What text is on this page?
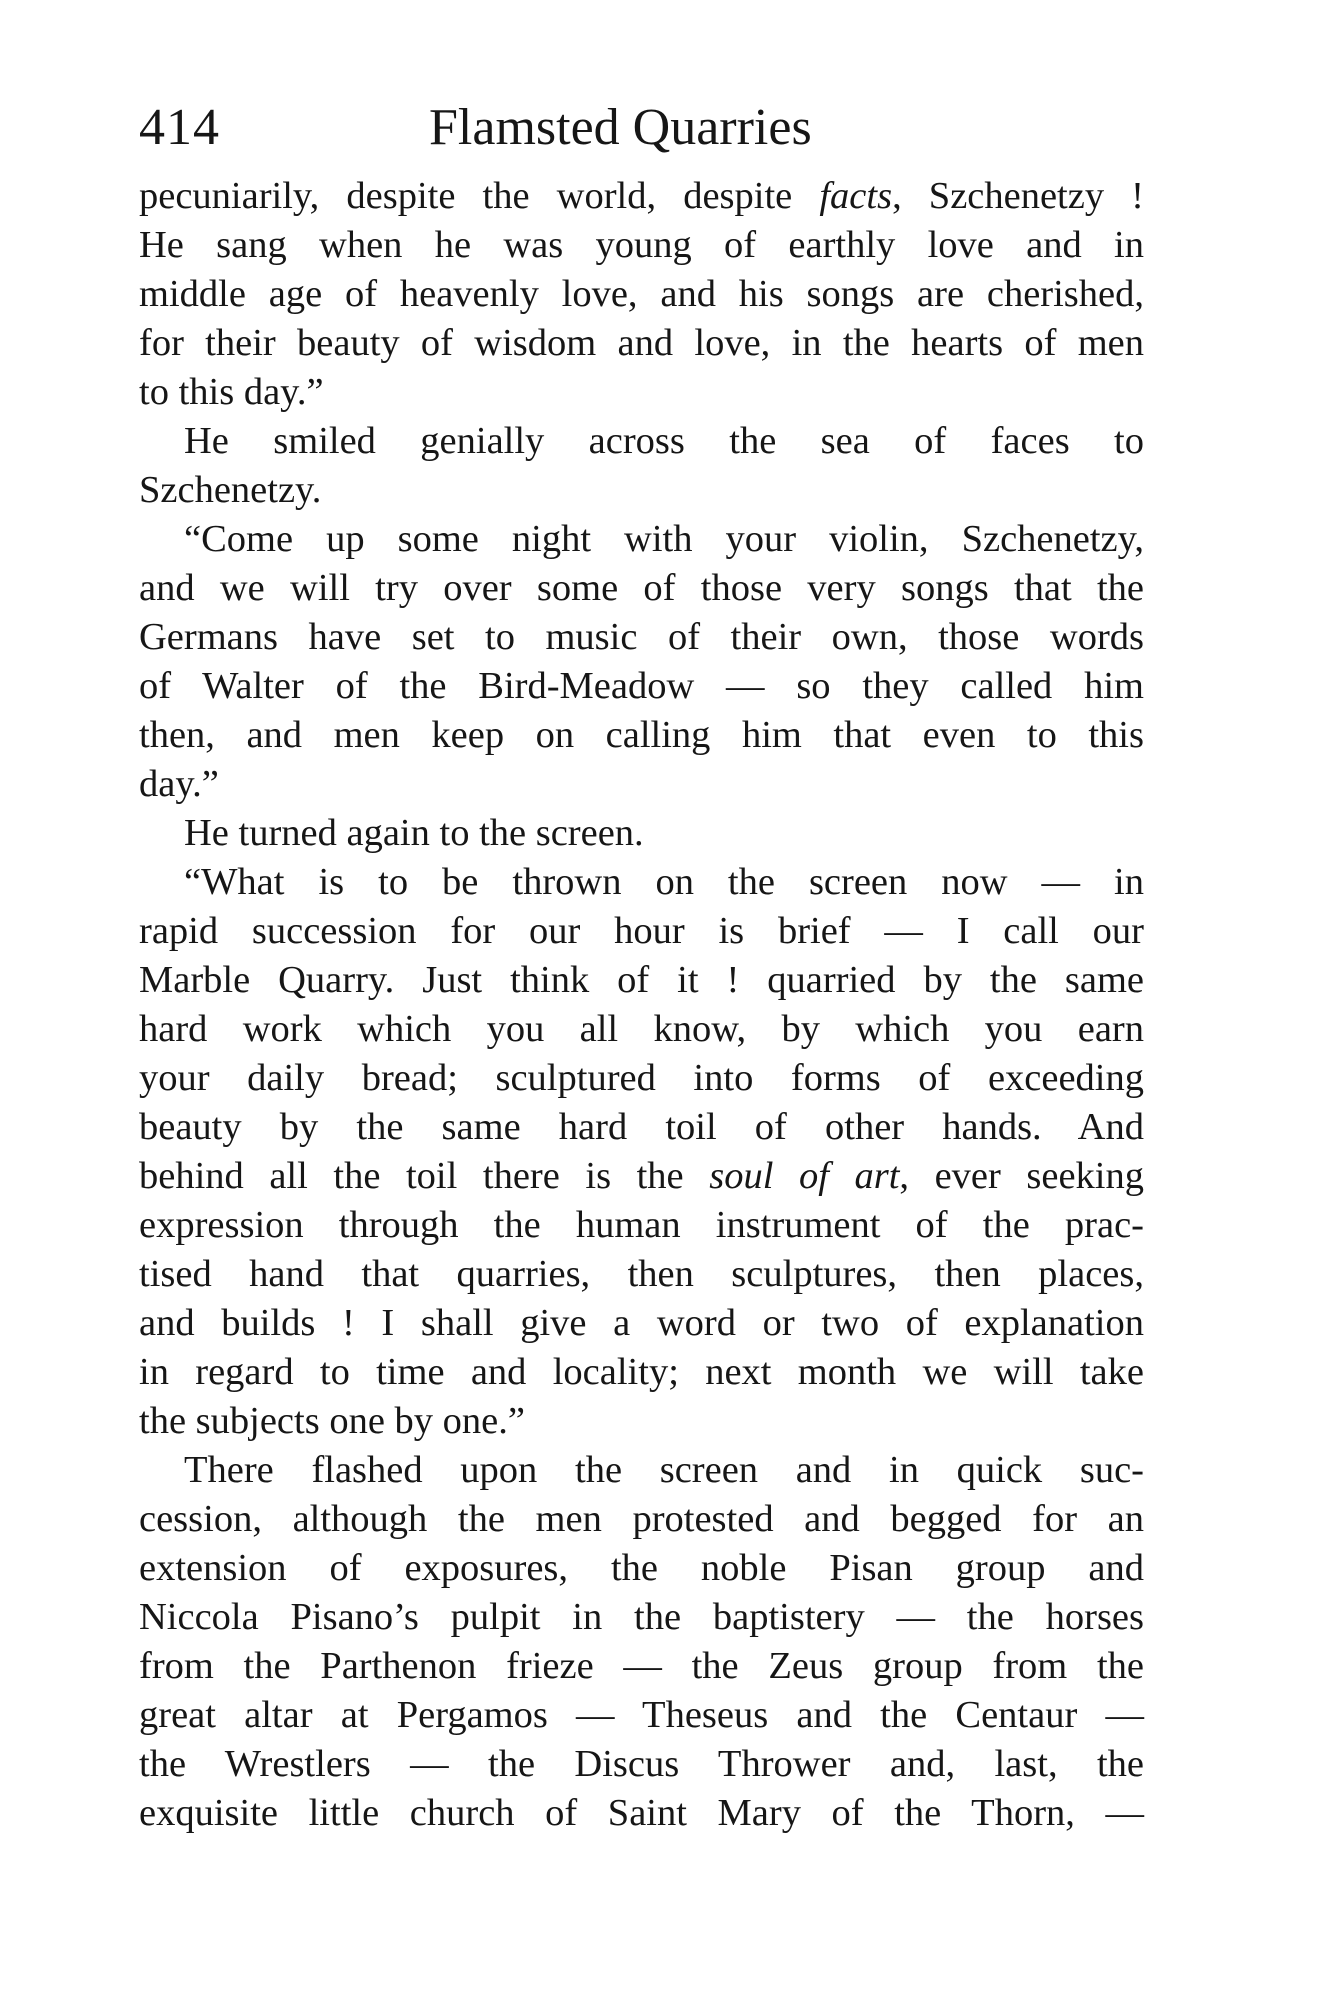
414	Flamsted Quarries
pecuniarily, despite the world, despite facts, Szchenetzy !
He sang when he was young of earthly love and in
middle age of heavenly love, and his songs are cherished,
for their beauty of wisdom and love, in the hearts of men
to this day.”
He smiled genially across the sea of faces to
Szchenetzy.
“Come up some night with your violin, Szchenetzy,
and we will try over some of those very songs that the
Germans have set to music of their own, those words
of Walter of the Bird-Meadow — so they called him
then, and men keep on calling him that even to this
day.”
He turned again to the screen.
“What is to be thrown on the screen now — in
rapid succession for our hour is brief — I call our
Marble Quarry. Just think of it ! quarried by the same
hard work which you all know, by which you earn
your daily bread; sculptured into forms of exceeding
beauty by the same hard toil of other hands. And
behind all the toil there is the soul of art, ever seeking
expression through the human instrument of the prac-
tised hand that quarries, then sculptures, then places,
and builds ! I shall give a word or two of explanation
in regard to time and locality; next month we will take
the subjects one by one.”
There flashed upon the screen and in quick suc-
cession, although the men protested and begged for an
extension of exposures, the noble Pisan group and
Niccola Pisano’s pulpit in the baptistery — the horses
from the Parthenon frieze — the Zeus group from the
great altar at Pergamos — Theseus and the Centaur —
the Wrestlers — the Discus Thrower and, last, the
exquisite little church of Saint Mary of the Thorn, —
